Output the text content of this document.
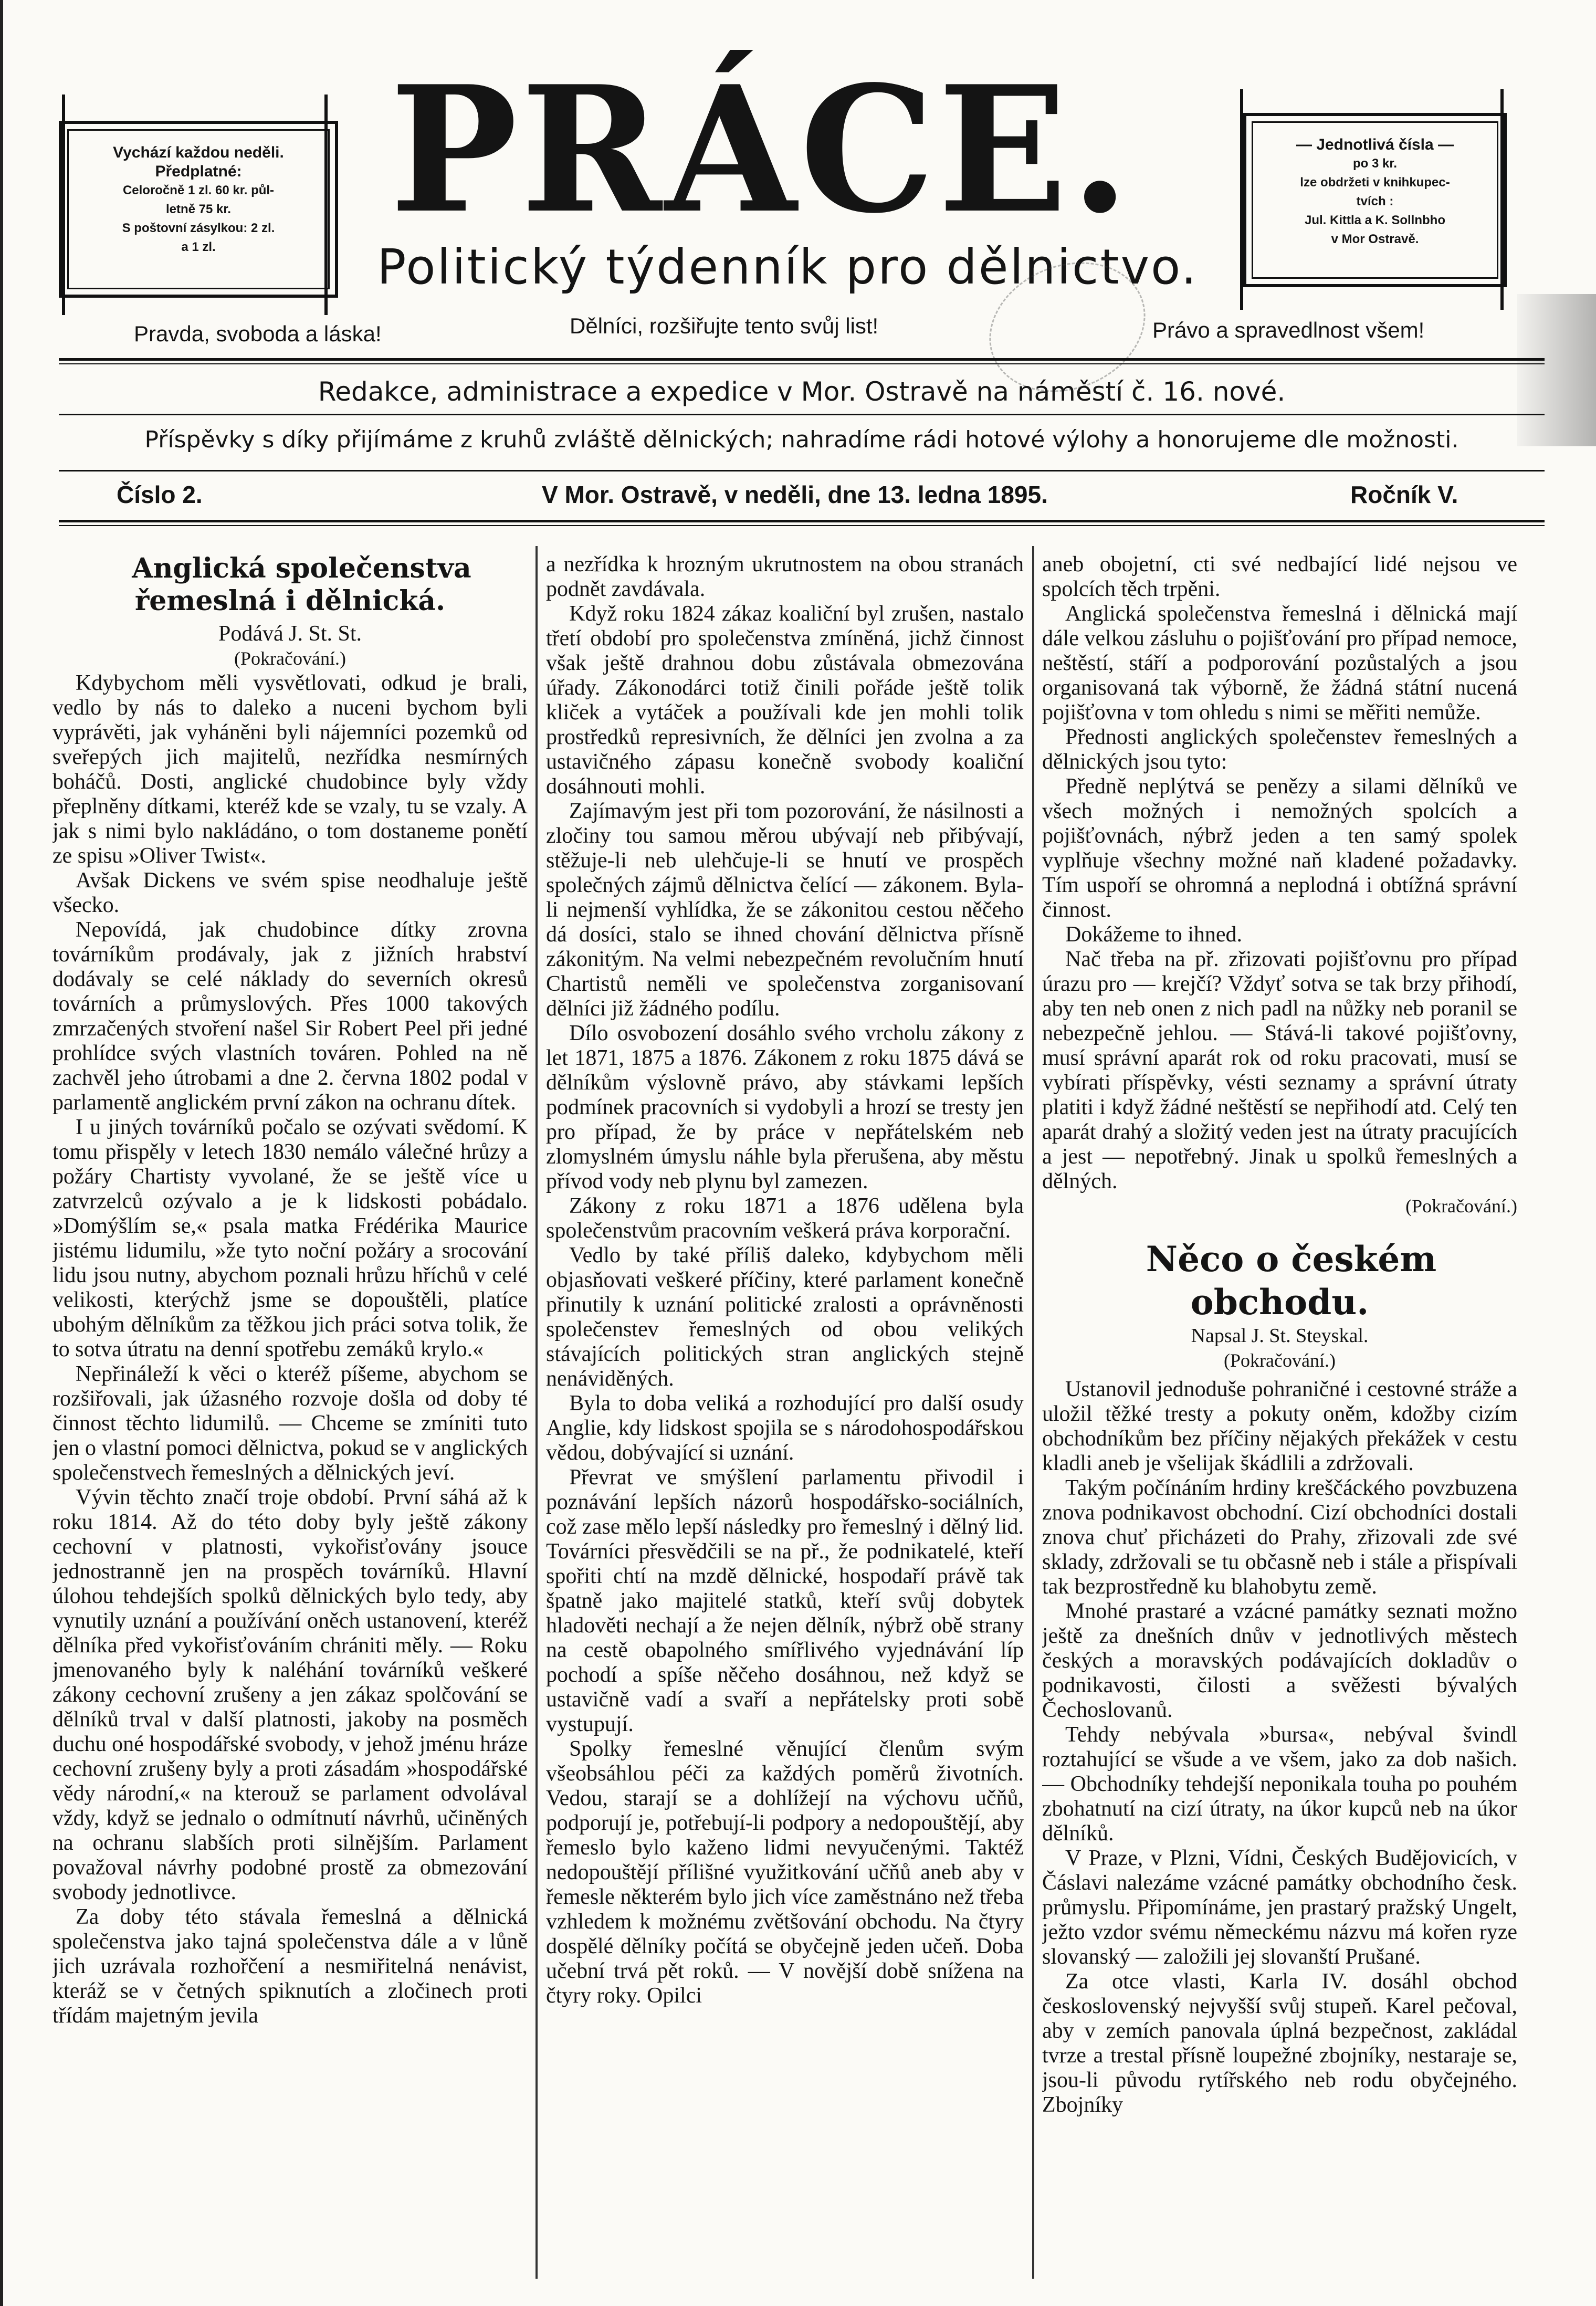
Vychází každou neděli.
Předplatné:
Celoročně 1 zl. 60 kr. půl-
letně 75 kr.
S poštovní zásylkou: 2 zl.
a 1 zl.	PRÁCE.
Politický týdenník pro dělnictvo.
— Jednotlivá čísla —
po 3 kr.
lze obdržeti v knihkupec-
tvích :
Jul. Kittla a K. Sollnbho
v Mor Ostravě.
Pravda, svoboda a láska!	Dělníci, rozšiřujte tento svůj list!	Právo a spravedlnost všem!
Redakce, administrace a expedice v Mor. Ostravě na náměstí č. 16. nové.
Příspěvky s díky přijímáme z kruhů zvláště dělnických; nahradíme rádi hotové výlohy a honorujeme dle možnosti.
Číslo 2.	V Mor. Ostravě, v neděli, dne 13. ledna 1895.	Ročník V.

Anglická společenstva řemeslná i dělnická.

Podává J. St. St.

(Pokračování.)

Kdybychom měli vysvětlovati, odkud je brali, vedlo by nás to daleko a nuceni bychom byli vyprávěti, jak vyháněni byli nájemníci pozemků od sveřepých jich majitelů, nezřídka nesmírných boháčů. Dosti, anglické chudobince byly vždy přeplněny dítkami, kteréž kde se vzaly, tu se vzaly. A jak s nimi bylo nakládáno, o tom dostaneme ponětí ze spisu »Oliver Twist«.

Avšak Dickens ve svém spise neodhaluje ještě všecko.

Nepovídá, jak chudobince dítky zrovna továrníkům prodávaly, jak z jižních hrabství dodávaly se celé náklady do severních okresů továrních a průmyslových. Přes 1000 takových zmrzačených stvoření našel Sir Robert Peel při jedné prohlídce svých vlastních továren. Pohled na ně zachvěl jeho útrobami a dne 2. června 1802 podal v parlamentě anglickém první zákon na ochranu dítek.

I u jiných továrníků počalo se ozývati svědomí. K tomu přispěly v letech 1830 nemálo válečné hrůzy a požáry Chartisty vyvolané, že se ještě více u zatvrzelců ozývalo a je k lidskosti pobádalo. »Domýšlím se,« psala matka Frédérika Maurice jistému lidumilu, »že tyto noční požáry a srocování lidu jsou nutny, abychom poznali hrůzu hříchů v celé velikosti, kterýchž jsme se dopouštěli, platíce ubohým dělníkům za těžkou jich práci sotva tolik, že to sotva útratu na denní spotřebu zemáků krylo.«

Nepřináleží k věci o kteréž píšeme, abychom se rozšiřovali, jak úžasného rozvoje došla od doby té činnost těchto lidumilů. — Chceme se zmíniti tuto jen o vlastní pomoci dělnictva, pokud se v anglických společenstvech řemeslných a dělnických jeví.

Vývin těchto značí troje období. První sáhá až k roku 1814. Až do této doby byly ještě zákony cechovní v platnosti, vykořisťovány jsouce jednostranně jen na prospěch továrníků. Hlavní úlohou tehdejších spolků dělnických bylo tedy, aby vynutily uznání a používání oněch ustanovení, kteréž dělníka před vykořisťováním chrániti měly. — Roku jmenovaného byly k naléhání továrníků veškeré zákony cechovní zrušeny a jen zákaz spolčování se dělníků trval v další platnosti, jakoby na posměch duchu oné hospodářské svobody, v jehož jménu hráze cechovní zrušeny byly a proti zásadám »hospodářské vědy národní,« na kterouž se parlament odvolával vždy, když se jednalo o odmítnutí návrhů, učiněných na ochranu slabších proti silnějším. Parlament považoval návrhy podobné prostě za obmezování svobody jednotlivce.

Za doby této stávala řemeslná a dělnická společenstva jako tajná společenstva dále a v lůně jich uzrávala rozhořčení a nesmiřitelná nenávist, kteráž se v četných spiknutích a zločinech proti třídám majetným jevila

a nezřídka k hrozným ukrutnostem na obou stranách podnět zavdávala.

Když roku 1824 zákaz koaliční byl zrušen, nastalo třetí období pro společenstva zmíněná, jichž činnost však ještě drahnou dobu zůstávala obmezována úřady. Zákonodárci totiž činili pořáde ještě tolik kliček a vytáček a používali kde jen mohli tolik prostředků represivních, že dělníci jen zvolna a za ustavičného zápasu konečně svobody koaliční dosáhnouti mohli.

Zajímavým jest při tom pozorování, že násilnosti a zločiny tou samou měrou ubývají neb přibývají, stěžuje-li neb ulehčuje-li se hnutí ve prospěch společných zájmů dělnictva čelící — zákonem. Byla-li nejmenší vyhlídka, že se zákonitou cestou něčeho dá dosíci, stalo se ihned chování dělnictva přísně zákonitým. Na velmi nebezpečném revolučním hnutí Chartistů neměli ve společenstva zorganisovaní dělníci již žádného podílu.

Dílo osvobození dosáhlo svého vrcholu zákony z let 1871, 1875 a 1876. Zákonem z roku 1875 dává se dělníkům výslovně právo, aby stávkami lepších podmínek pracovních si vydobyli a hrozí se tresty jen pro případ, že by práce v nepřátelském neb zlomyslném úmyslu náhle byla přerušena, aby městu přívod vody neb plynu byl zamezen.

Zákony z roku 1871 a 1876 udělena byla společenstvům pracovním veškerá práva korporační.

Vedlo by také příliš daleko, kdybychom měli objasňovati veškeré příčiny, které parlament konečně přinutily k uznání politické zralosti a oprávněnosti společenstev řemeslných od obou velikých stávajících politických stran anglických stejně nenáviděných.

Byla to doba veliká a rozhodující pro další osudy Anglie, kdy lidskost spojila se s národohospodářskou vědou, dobývající si uznání.

Převrat ve smýšlení parlamentu přivodil i poznávání lepších názorů hospodářsko-sociálních, což zase mělo lepší následky pro řemeslný i dělný lid. Továrníci přesvědčili se na př., že podnikatelé, kteří spořiti chtí na mzdě dělnické, hospodaří právě tak špatně jako majitelé statků, kteří svůj dobytek hladověti nechají a že nejen dělník, nýbrž obě strany na cestě obapolného smířlivého vyjednávání líp pochodí a spíše něčeho dosáhnou, než když se ustavičně vadí a svaří a nepřátelsky proti sobě vystupují.

Spolky řemeslné věnující členům svým všeobsáhlou péči za každých poměrů životních. Vedou, starají se a dohlížejí na výchovu učňů, podporují je, potřebují-li podpory a nedopouštějí, aby řemeslo bylo kaženo lidmi nevyučenými. Taktéž nedopouštějí přílišné využitkování učňů aneb aby v řemesle některém bylo jich více zaměstnáno než třeba vzhledem k možnému zvětšování obchodu. Na čtyry dospělé dělníky počítá se obyčejně jeden učeň. Doba učební trvá pět roků. — V novější době snížena na čtyry roky. Opilci

aneb obojetní, cti své nedbající lidé nejsou ve spolcích těch trpěni.

Anglická společenstva řemeslná i dělnická mají dále velkou zásluhu o pojišťování pro případ nemoce, neštěstí, stáří a podporování pozůstalých a jsou organisovaná tak výborně, že žádná státní nucená pojišťovna v tom ohledu s nimi se měřiti nemůže.

Přednosti anglických společenstev řemeslných a dělnických jsou tyto:

Předně neplýtvá se penězy a silami dělníků ve všech možných i nemožných spolcích a pojišťovnách, nýbrž jeden a ten samý spolek vyplňuje všechny možné naň kladené požadavky. Tím uspoří se ohromná a neplodná i obtížná správní činnost.

Dokážeme to ihned.

Nač třeba na př. zřizovati pojišťovnu pro případ úrazu pro — krejčí? Vždyť sotva se tak brzy přihodí, aby ten neb onen z nich padl na nůžky neb poranil se nebezpečně jehlou. — Stává-li takové pojišťovny, musí správní aparát rok od roku pracovati, musí se vybírati příspěvky, vésti seznamy a správní útraty platiti i když žádné neštěstí se nepřihodí atd. Celý ten aparát drahý a složitý veden jest na útraty pracujících a jest — nepotřebný. Jinak u spolků řemeslných a dělných.

(Pokračování.)

Něco o českém obchodu.

Napsal J. St. Steyskal.

(Pokračování.)

Ustanovil jednoduše pohraničné i cestovné stráže a uložil těžké tresty a pokuty oněm, kdožby cizím obchodníkům bez příčiny nějakých překážek v cestu kladli aneb je všelijak škádlili a zdržovali.

Takým počínáním hrdiny kreščáckého povzbuzena znova podnikavost obchodní. Cizí obchodníci dostali znova chuť přicházeti do Prahy, zřizovali zde své sklady, zdržovali se tu občasně neb i stále a přispívali tak bezprostředně ku blahobytu země.

Mnohé prastaré a vzácné památky seznati možno ještě za dnešních dnův v jednotlivých městech českých a moravských podávajících dokladův o podnikavosti, čilosti a svěžesti bývalých Čechoslovanů.

Tehdy nebývala »bursa«, nebýval švindl roztahující se všude a ve všem, jako za dob našich. — Obchodníky tehdejší neponikala touha po pouhém zbohatnutí na cizí útraty, na úkor kupců neb na úkor dělníků.

V Praze, v Plzni, Vídni, Českých Budějovicích, v Čáslavi nalezáme vzácné památky obchodního česk. průmyslu. Připomínáme, jen prastarý pražský Ungelt, ježto vzdor svému německému názvu má kořen ryze slovanský — založili jej slovanští Prušané.

Za otce vlasti, Karla IV. dosáhl obchod československý nejvyšší svůj stupeň. Karel pečoval, aby v zemích panovala úplná bezpečnost, zakládal tvrze a trestal přísně loupežné zbojníky, nestaraje se, jsou-li původu rytířského neb rodu obyčejného. Zbojníky
